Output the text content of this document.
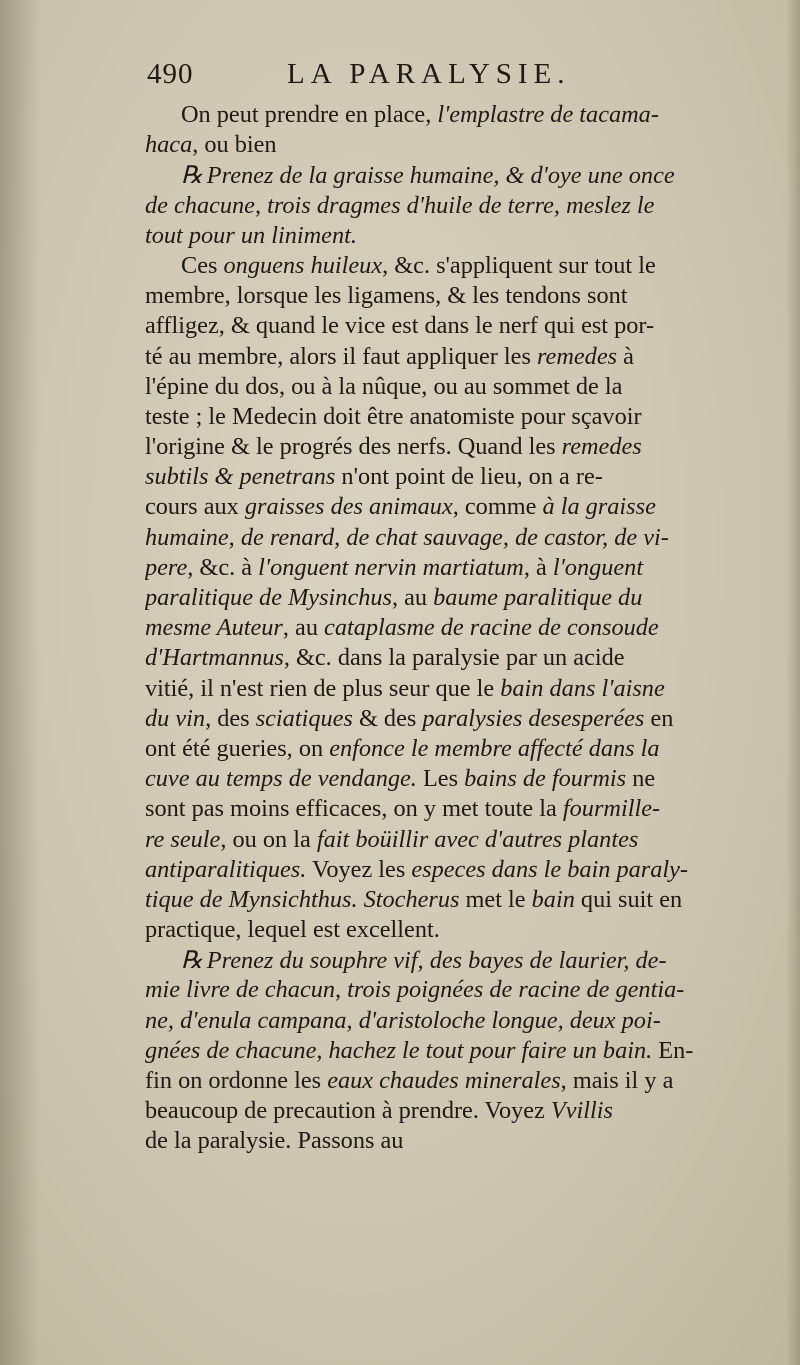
490	LA PARALYSIE.
On peut prendre en place, l'emplastre de tacama-
haca, ou bien
℞ Prenez de la graisse humaine, & d'oye une once
de chacune, trois dragmes d'huile de terre, meslez le
tout pour un liniment.
Ces onguens huileux, &c. s'appliquent sur tout le
membre, lorsque les ligamens, & les tendons sont
affligez, & quand le vice est dans le nerf qui est por-
té au membre, alors il faut appliquer les remedes à
l'épine du dos, ou à la nûque, ou au sommet de la
teste ; le Medecin doit être anatomiste pour sçavoir
l'origine & le progrés des nerfs. Quand les remedes
subtils & penetrans n'ont point de lieu, on a re-
cours aux graisses des animaux, comme à la graisse
humaine, de renard, de chat sauvage, de castor, de vi-
pere, &c. à l'onguent nervin martiatum, à l'onguent
paralitique de Mysinchus, au baume paralitique du
mesme Auteur, au cataplasme de racine de consoude
d'Hartmannus, &c. dans la paralysie par un acide
vitié, il n'est rien de plus seur que le bain dans l'aisne
du vin, des sciatiques & des paralysies desesperées en
ont été gueries, on enfonce le membre affecté dans la
cuve au temps de vendange. Les bains de fourmis ne
sont pas moins efficaces, on y met toute la fourmille-
re seule, ou on la fait boüillir avec d'autres plantes
antiparalitiques. Voyez les especes dans le bain paraly-
tique de Mynsichthus. Stocherus met le bain qui suit en
practique, lequel est excellent.
℞ Prenez du souphre vif, des bayes de laurier, de-
mie livre de chacun, trois poignées de racine de gentia-
ne, d'enula campana, d'aristoloche longue, deux poi-
gnées de chacune, hachez le tout pour faire un bain. En-
fin on ordonne les eaux chaudes minerales, mais il y a
beaucoup de precaution à prendre. Voyez Vvillis
de la paralysie. Passons au
